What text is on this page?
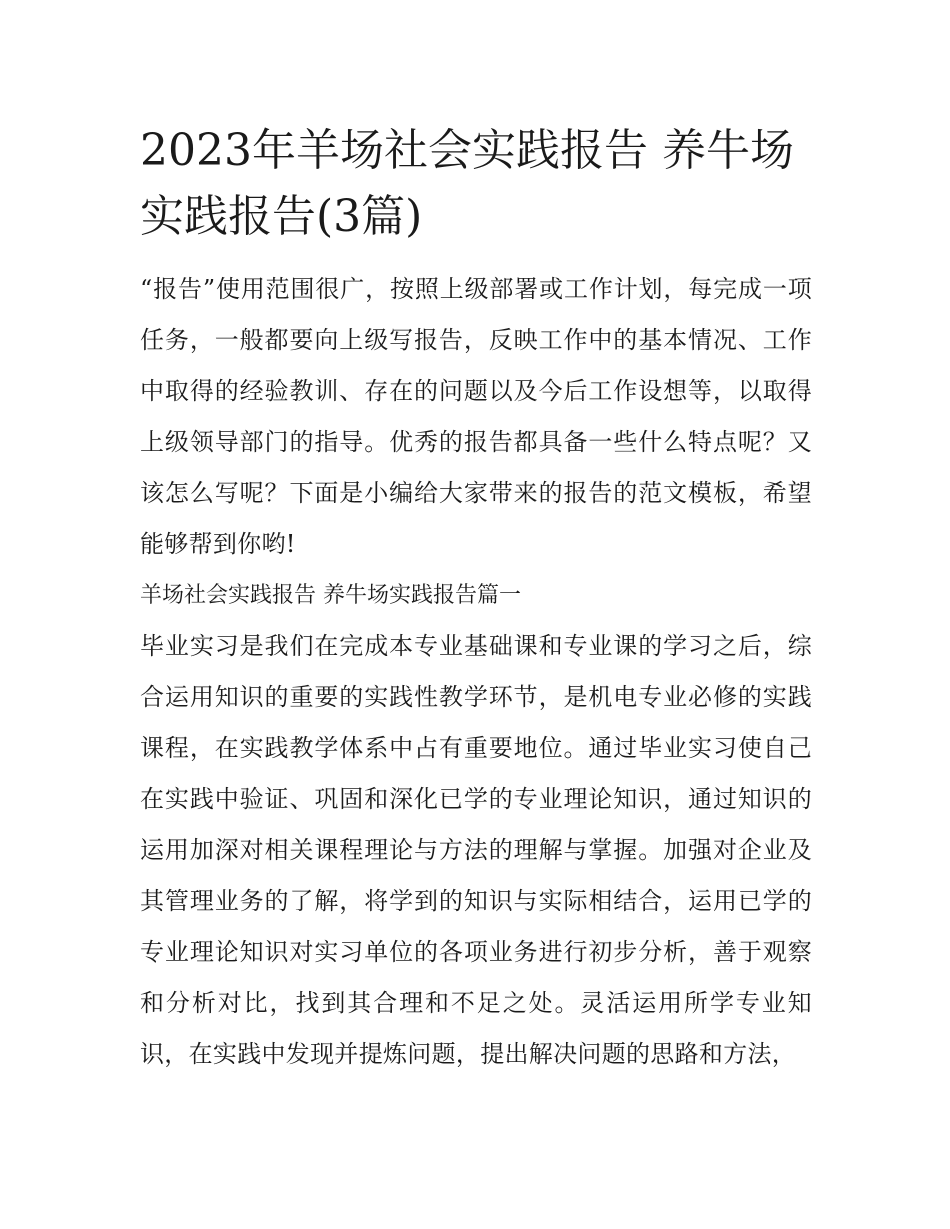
2023年羊场社会实践报告 养牛场实践报告(3篇)

“报告”使用范围很广，按照上级部署或工作计划，每完成一项任务，一般都要向上级写报告，反映工作中的基本情况、工作中取得的经验教训、存在的问题以及今后工作设想等，以取得上级领导部门的指导。优秀的报告都具备一些什么特点呢？又该怎么写呢？下面是小编给大家带来的报告的范文模板，希望能够帮到你哟!

羊场社会实践报告 养牛场实践报告篇一

毕业实习是我们在完成本专业基础课和专业课的学习之后，综合运用知识的重要的实践性教学环节，是机电专业必修的实践课程，在实践教学体系中占有重要地位。通过毕业实习使自己在实践中验证、巩固和深化已学的专业理论知识，通过知识的运用加深对相关课程理论与方法的理解与掌握。加强对企业及其管理业务的了解，将学到的知识与实际相结合，运用已学的专业理论知识对实习单位的各项业务进行初步分析，善于观察和分析对比，找到其合理和不足之处。灵活运用所学专业知识，在实践中发现并提炼问题，提出解决问题的思路和方法，
